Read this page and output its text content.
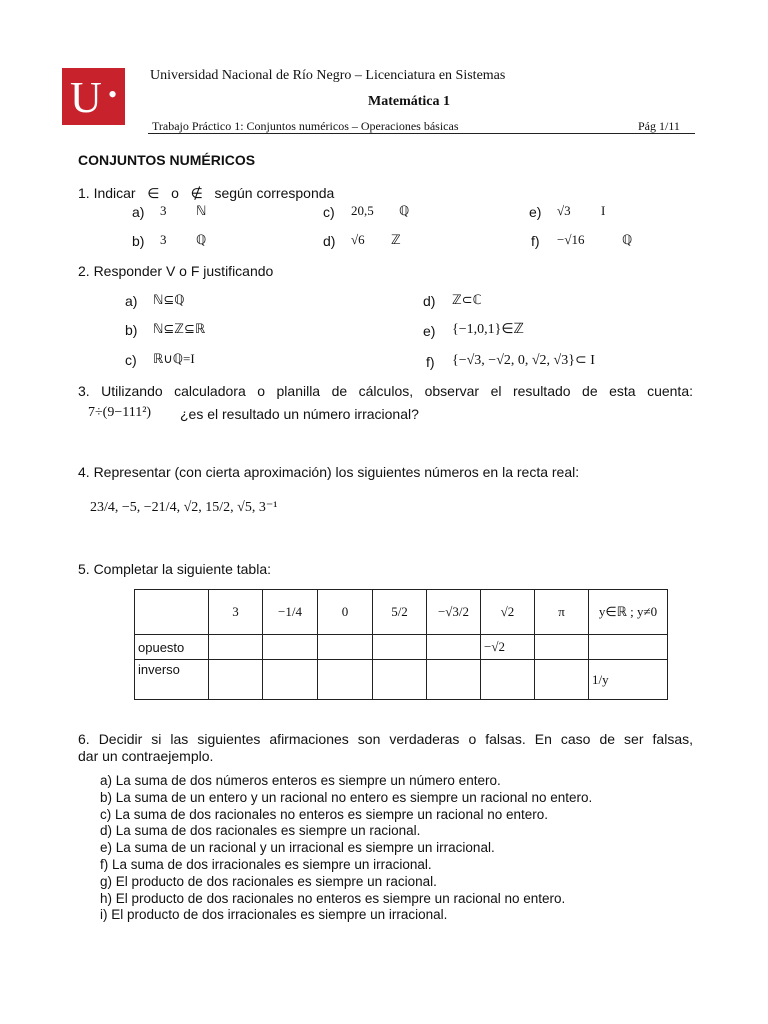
U •
Universidad Nacional de Río Negro – Licenciatura en Sistemas
Matemática 1
Trabajo Práctico 1: Conjuntos numéricos – Operaciones básicas	Pág 1/11
CONJUNTOS NUMÉRICOS
1. Indicar   ∈   o   ∉   según corresponda
a) 3 ℕ
b) 3 ℚ
c) 20,5 ℚ
d) √6 ℤ
e) √3 I
f) −√16	ℚ
2. Responder V o F justificando
a) ℕ⊆ℚ
b) ℕ⊆ℤ⊆ℝ
c) ℝ∪ℚ=I
d) ℤ⊂ℂ
e) {−1,0,1}∈ℤ
f) {−√3, −√2, 0, √2, √3}⊂ I
3. Utilizando calculadora o planilla de cálculos, observar el resultado de esta cuenta:
7÷(9−111²) ¿es el resultado un número irracional?
4. Representar (con cierta aproximación) los siguientes números en la recta real:
23/4, −5, −21/4, √2, 15/2, √5, 3⁻¹
5. Completar la siguiente tabla:
	3	−1/4	0	5/2	−√3/2	√2	π	y∈ℝ ; y≠0
opuesto						−√2		
inverso								1/y
6. Decidir si las siguientes afirmaciones son verdaderas o falsas. En caso de ser falsas,
dar un contraejemplo.
a) La suma de dos números enteros es siempre un número entero.
b) La suma de un entero y un racional no entero es siempre un racional no entero.
c) La suma de dos racionales no enteros es siempre un racional no entero.
d) La suma de dos racionales es siempre un racional.
e) La suma de un racional y un irracional es siempre un irracional.
f) La suma de dos irracionales es siempre un irracional.
g) El producto de dos racionales es siempre un racional.
h) El producto de dos racionales no enteros es siempre un racional no entero.
i) El producto de dos irracionales es siempre un irracional.
